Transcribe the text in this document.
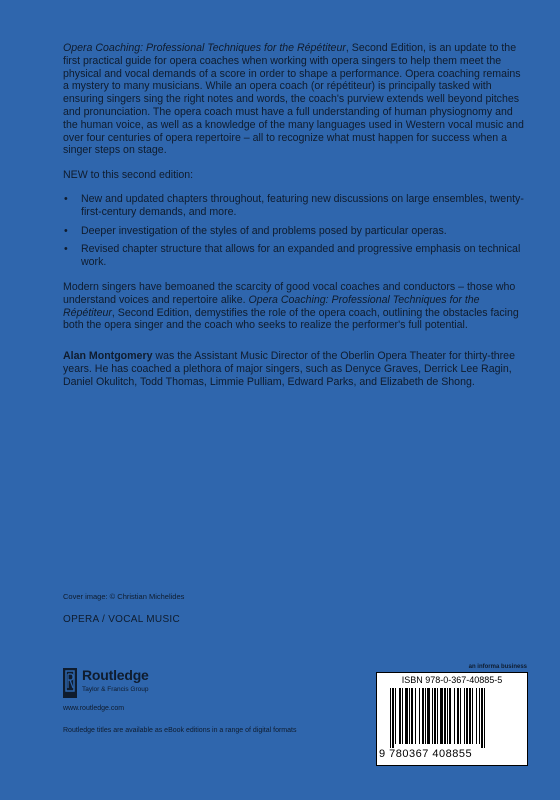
Opera Coaching: Professional Techniques for the Répétiteur, Second Edition, is an update to the first practical guide for opera coaches when working with opera singers to help them meet the physical and vocal demands of a score in order to shape a performance. Opera coaching remains a mystery to many musicians. While an opera coach (or répétiteur) is principally tasked with ensuring singers sing the right notes and words, the coach's purview extends well beyond pitches and pronunciation. The opera coach must have a full understanding of human physiognomy and the human voice, as well as a knowledge of the many languages used in Western vocal music and over four centuries of opera repertoire – all to recognize what must happen for success when a singer steps on stage.

NEW to this second edition:

• New and updated chapters throughout, featuring new discussions on large ensembles, twenty-first-century demands, and more.
• Deeper investigation of the styles of and problems posed by particular operas.
• Revised chapter structure that allows for an expanded and progressive emphasis on technical work.

Modern singers have bemoaned the scarcity of good vocal coaches and conductors – those who understand voices and repertoire alike. Opera Coaching: Professional Techniques for the Répétiteur, Second Edition, demystifies the role of the opera coach, outlining the obstacles facing both the opera singer and the coach who seeks to realize the performer's full potential.

Alan Montgomery was the Assistant Music Director of the Oberlin Opera Theater for thirty-three years. He has coached a plethora of major singers, such as Denyce Graves, Derrick Lee Ragin, Daniel Okulitch, Todd Thomas, Limmie Pulliam, Edward Parks, and Elizabeth de Shong.

Cover image: © Christian Michelides
OPERA / VOCAL MUSIC
Routledge
Taylor & Francis Group
www.routledge.com
Routledge titles are available as eBook editions in a range of digital formats
an informa business
ISBN 978-0-367-40885-5
9 780367 408855
